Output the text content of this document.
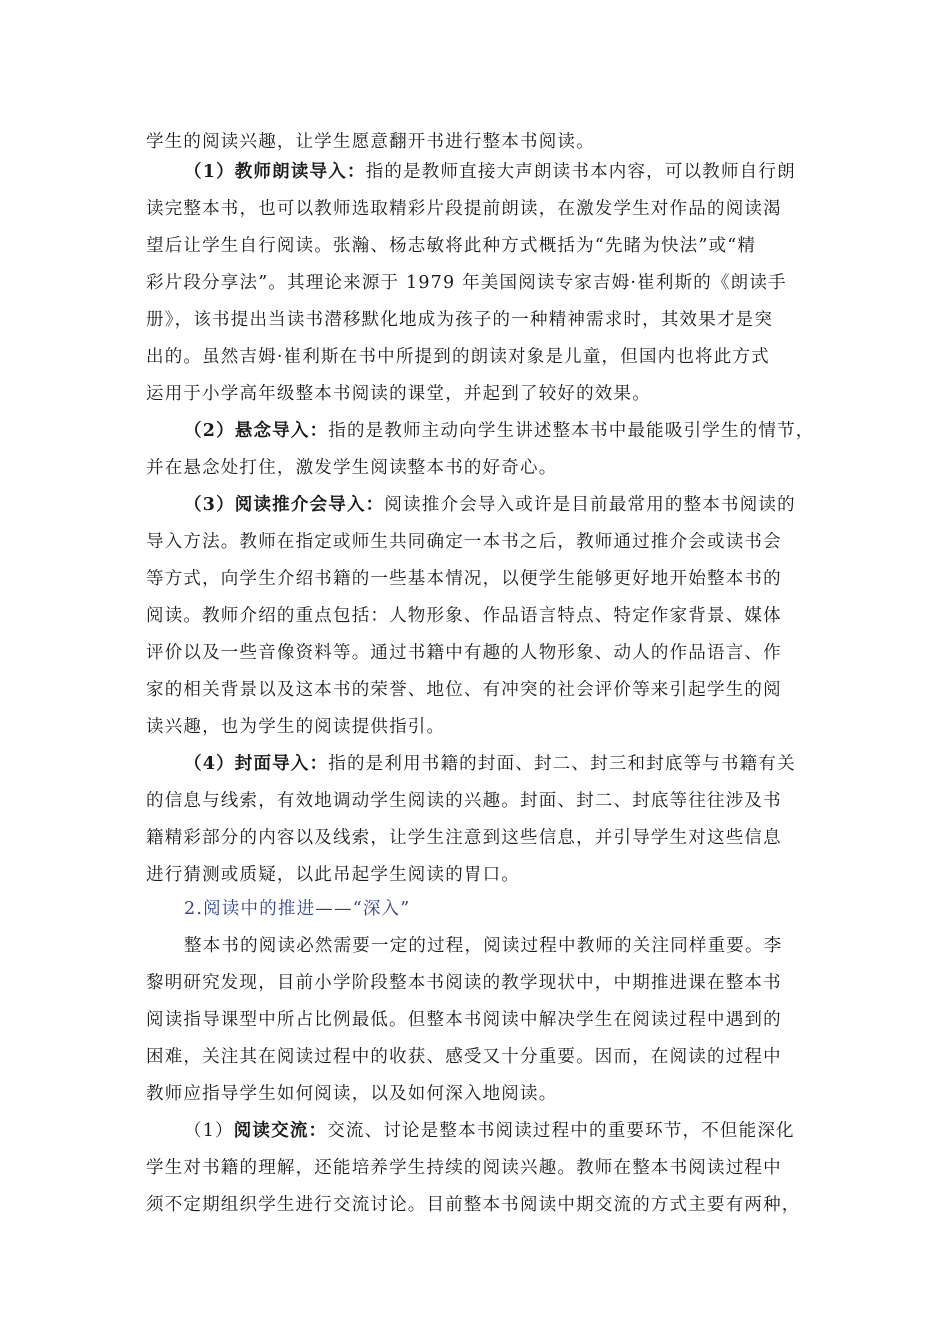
学生的阅读兴趣，让学生愿意翻开书进行整本书阅读。
（1）教师朗读导入：指的是教师直接大声朗读书本内容，可以教师自行朗
读完整本书，也可以教师选取精彩片段提前朗读，在激发学生对作品的阅读渴
望后让学生自行阅读。张瀚、杨志敏将此种方式概括为“先睹为快法”或“精
彩片段分享法”。其理论来源于 1979 年美国阅读专家吉姆·崔利斯的《朗读手
册》，该书提出当读书潜移默化地成为孩子的一种精神需求时，其效果才是突
出的。虽然吉姆·崔利斯在书中所提到的朗读对象是儿童，但国内也将此方式
运用于小学高年级整本书阅读的课堂，并起到了较好的效果。
（2）悬念导入：指的是教师主动向学生讲述整本书中最能吸引学生的情节，
并在悬念处打住，激发学生阅读整本书的好奇心。
（3）阅读推介会导入：阅读推介会导入或许是目前最常用的整本书阅读的
导入方法。教师在指定或师生共同确定一本书之后，教师通过推介会或读书会
等方式，向学生介绍书籍的一些基本情况，以便学生能够更好地开始整本书的
阅读。教师介绍的重点包括：人物形象、作品语言特点、特定作家背景、媒体
评价以及一些音像资料等。通过书籍中有趣的人物形象、动人的作品语言、作
家的相关背景以及这本书的荣誉、地位、有冲突的社会评价等来引起学生的阅
读兴趣，也为学生的阅读提供指引。
（4）封面导入：指的是利用书籍的封面、封二、封三和封底等与书籍有关
的信息与线索，有效地调动学生阅读的兴趣。封面、封二、封底等往往涉及书
籍精彩部分的内容以及线索，让学生注意到这些信息，并引导学生对这些信息
进行猜测或质疑，以此吊起学生阅读的胃口。
2.阅读中的推进——“深入”
整本书的阅读必然需要一定的过程，阅读过程中教师的关注同样重要。李
黎明研究发现，目前小学阶段整本书阅读的教学现状中，中期推进课在整本书
阅读指导课型中所占比例最低。但整本书阅读中解决学生在阅读过程中遇到的
困难，关注其在阅读过程中的收获、感受又十分重要。因而，在阅读的过程中
教师应指导学生如何阅读，以及如何深入地阅读。
（1）阅读交流：交流、讨论是整本书阅读过程中的重要环节，不但能深化
学生对书籍的理解，还能培养学生持续的阅读兴趣。教师在整本书阅读过程中
须不定期组织学生进行交流讨论。目前整本书阅读中期交流的方式主要有两种，
